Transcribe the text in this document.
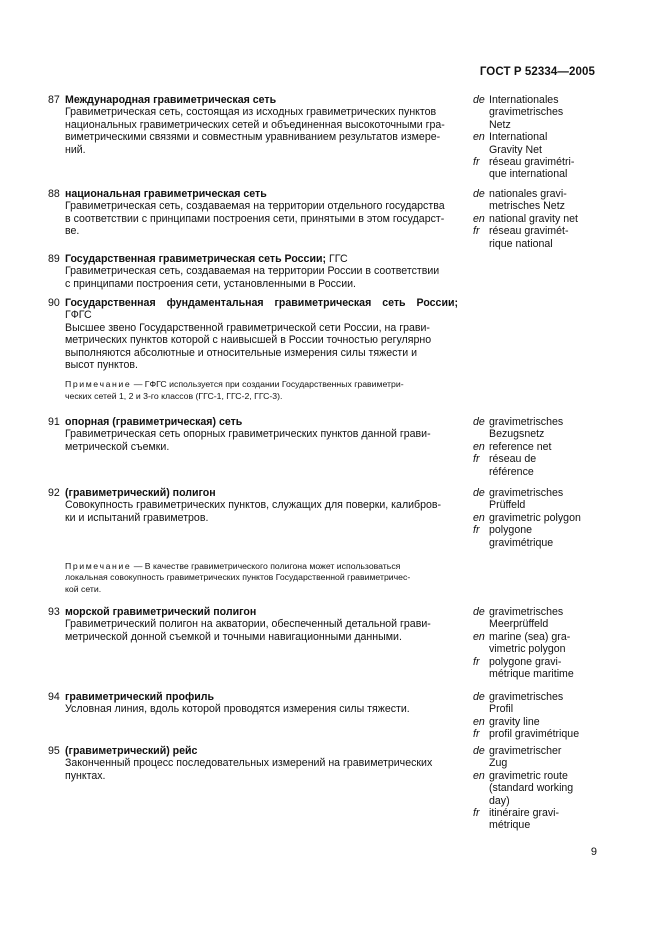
ГОСТ Р 52334—2005
87 Международная гравиметрическая сеть
Гравиметрическая сеть, состоящая из исходных гравиметрических пунктов
национальных гравиметрических сетей и объединенная высокоточными гра-
виметрическими связями и совместным уравниванием результатов измере-
ний.
de Internationales
gravimetrisches
Netz
en International
Gravity Net
fr réseau gravimétri-
que international
88 национальная гравиметрическая сеть
Гравиметрическая сеть, создаваемая на территории отдельного государства
в соответствии с принципами построения сети, принятыми в этом государст-
ве.
de nationales gravi-
metrisches Netz
en national gravity net
fr réseau gravimét-
rique national
89 Государственная гравиметрическая сеть России; ГГС
Гравиметрическая сеть, создаваемая на территории России в соответствии
с принципами построения сети, установленными в России.
90 Государственная фундаментальная гравиметрическая сеть России;
ГФГС
Высшее звено Государственной гравиметрической сети России, на грави-
метрических пунктов которой с наивысшей в России точностью регулярно
выполняются абсолютные и относительные измерения силы тяжести и
высот пунктов.
Примечание — ГФГС используется при создании Государственных гравиметри-
ческих сетей 1, 2 и 3-го классов (ГГС-1, ГГС-2, ГГС-3).
91 опорная (гравиметрическая) сеть
Гравиметрическая сеть опорных гравиметрических пунктов данной грави-
метрической съемки.
de gravimetrisches
Bezugsnetz
en reference net
fr réseau de
référence
92 (гравиметрический) полигон
Совокупность гравиметрических пунктов, служащих для поверки, калибров-
ки и испытаний гравиметров.
Примечание — В качестве гравиметрического полигона может использоваться
локальная совокупность гравиметрических пунктов Государственной гравиметричес-
кой сети.
de gravimetrisches
Prüffeld
en gravimetric polygon
fr polygone
gravimétrique
93 морской гравиметрический полигон
Гравиметрический полигон на акватории, обеспеченный детальной грави-
метрической донной съемкой и точными навигационными данными.
de gravimetrisches
Meerprüffeld
en marine (sea) gra-
vimetric polygon
fr polygone gravi-
métrique maritime
94 гравиметрический профиль
Условная линия, вдоль которой проводятся измерения силы тяжести.
de gravimetrisches
Profil
en gravity line
fr profil gravimétrique
95 (гравиметрический) рейс
Законченный процесс последовательных измерений на гравиметрических
пунктах.
de gravimetrischer
Zug
en gravimetric route
(standard working
day)
fr itinéraire gravi-
métrique
9
